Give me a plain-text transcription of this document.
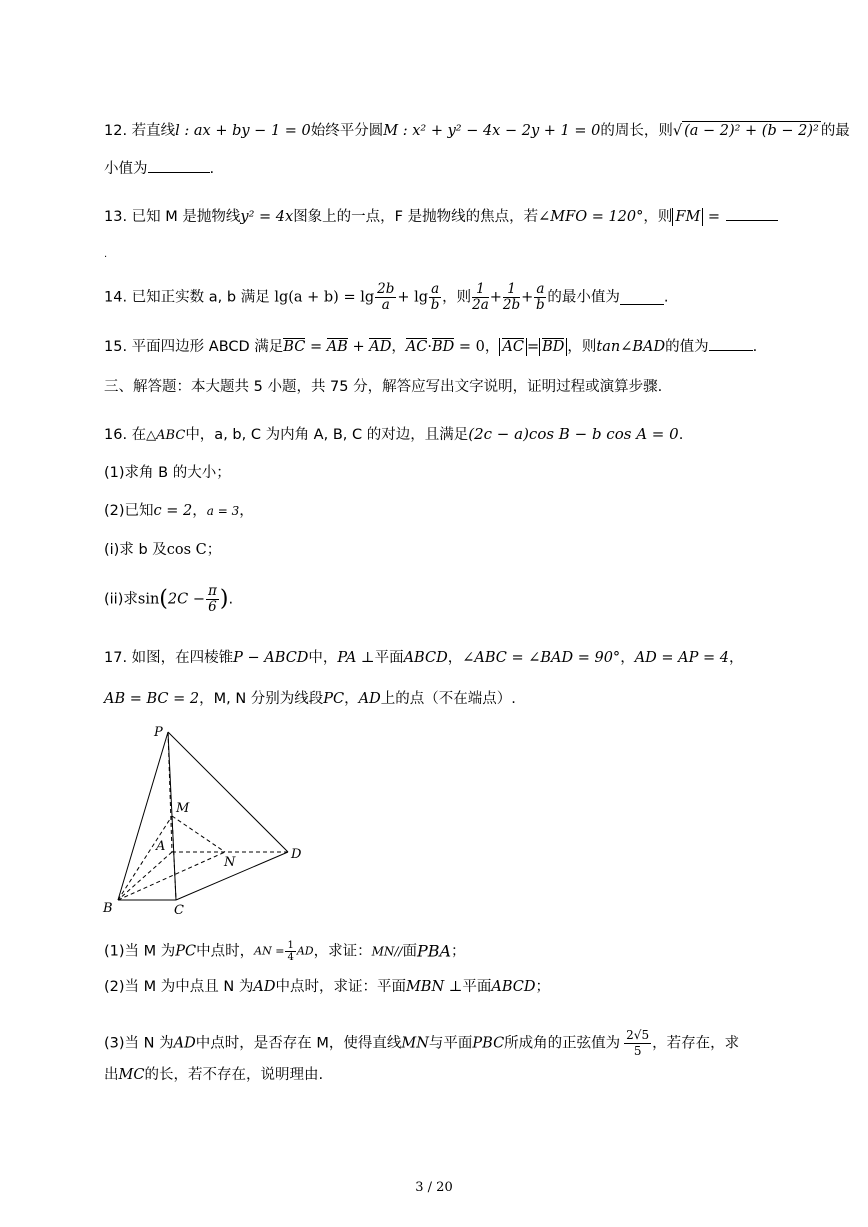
12. 若直线l : ax + by − 1 = 0始终平分圆M : x² + y² − 4x − 2y + 1 = 0的周长，则√ (a − 2)² + (b − 2)² 的最
小值为	.
13. 已知 M 是抛物线y² = 4x图象上的一点，F 是抛物线的焦点，若∠MFO = 120°，则 FM =
.
14. 已知正实数 a, b 满足 $\lg(a + b) = \lg \frac{2b}{a} + \lg \frac{a}{b}$ ，则 $\frac{1}{2a} + \frac{1}{2b} + \frac{a}{b}$ 的最小值为	.
15. 平面四边形 ABCD 满足BC = AB + AD，AC·BD = 0， AC = BD ，则tan∠BAD的值为	.
三、解答题：本大题共 5 小题，共 75 分，解答应写出文字说明，证明过程或演算步骤.
16. 在△ABC中，a, b, C 为内角 A, B, C 的对边，且满足(2c − a)cos B − b cos A = 0.
(1)求角 B 的大小；
(2)已知c = 2，a = 3，
(i)求 b 及cos C；
(ii)求$\sin(2C - \frac{\pi}{6}$ ).
17. 如图，在四棱锥P − ABCD中，PA ⊥平面ABCD，∠ABC = ∠BAD = 90°，AD = AP = 4，
AB = BC = 2，M, N 分别为线段PC，AD上的点（不在端点）.
P
M
A
N
D
B	C
(1)当 M 为PC中点时，AN = $\frac{1}{4}$ AD，求证：MN//面PBA；
(2)当 M 为中点且 N 为AD中点时，求证：平面MBN ⊥平面ABCD；
(3)当 N 为AD中点时，是否存在 M，使得直线MN与平面PBC所成角的正弦值为 $\frac{2√5}{5}$ ，若存在，求
出MC的长，若不存在，说明理由.
3 / 20
